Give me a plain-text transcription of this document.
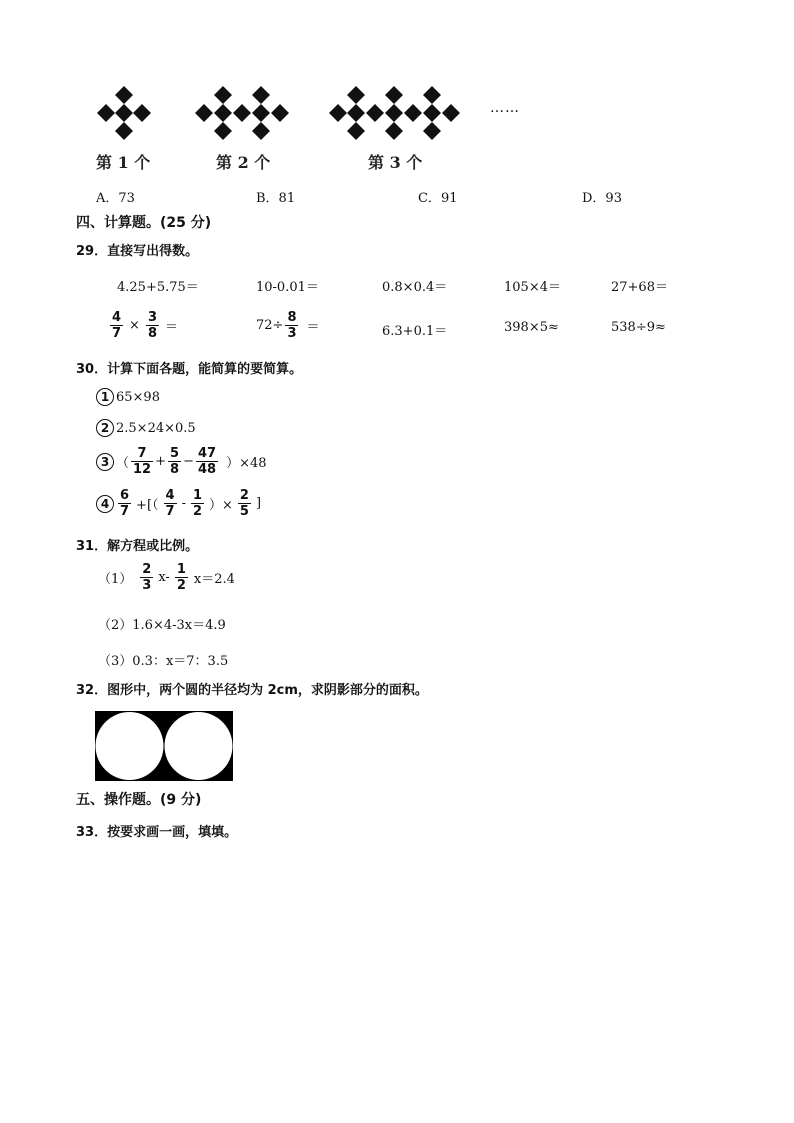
……
第 1 个	第 2 个	第 3 个
A．73	B．81	C．91	D．93
四、计算题。(25 分)
29．直接写出得数。
4.25+5.75＝	10-0.01＝	0.8×0.4＝	105×4＝	27+68＝
$\frac{4}{7} \times \frac{3}{8}$ ＝	$72\div \frac{8}{3}$ ＝	6.3+0.1＝	398×5≈	538÷9≈
30．计算下面各题，能简算的要简算。
1 65×98
2 2.5×24×0.5
3 （ $\frac{7}{12} + \frac{5}{8} - \frac{47}{48} )\times 48$
$4 \frac{6}{7}$ +[（ $\frac{4}{7} - \frac{1}{2}$ ）× $\frac{2}{5}$ ]
31．解方程或比例。
$(1) \frac{2}{3} x- \frac{1}{2} x=2.4$
（2）1.6×4-3x＝4.9
（3）0.3：x＝7：3.5
32．图形中，两个圆的半径均为 2cm，求阴影部分的面积。
五、操作题。(9 分)
33．按要求画一画，填填。
